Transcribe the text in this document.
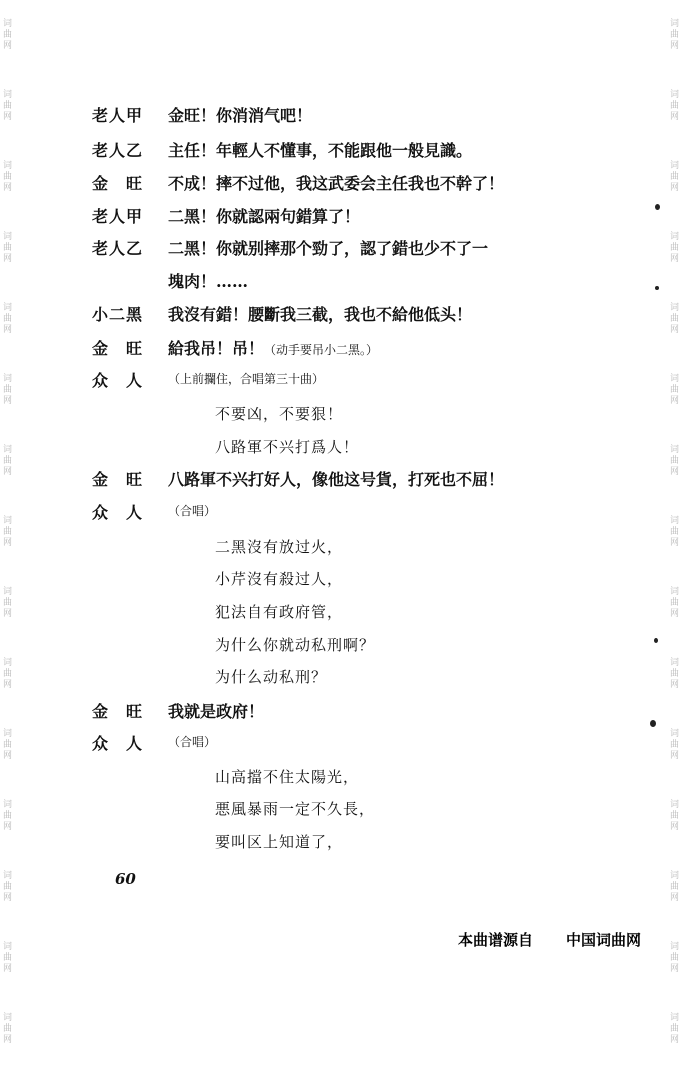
词曲网

词曲网

词曲网

词曲网

词曲网

词曲网

词曲网

词曲网

词曲网

词曲网

词曲网

词曲网

词曲网

词曲网

词曲网

词曲网

词曲网

词曲网

词曲网

词曲网

词曲网

词曲网

词曲网

词曲网

词曲网

词曲网

词曲网

词曲网

词曲网

词曲网

老人甲	金旺！你消消气吧！
老人乙	主任！年輕人不懂事，不能跟他一般見識。
金　旺	不成！摔不过他，我这武委会主任我也不幹了！
老人甲	二黑！你就認兩句錯算了！
老人乙	二黑！你就别摔那个勁了，認了錯也少不了一
塊肉！……
小二黑	我沒有錯！腰斷我三截，我也不給他低头！
金　旺	給我吊！吊！（动手要吊小二黑。）
众　人	（上前攔住，合唱第三十曲）
不要凶，不要狠！
八路軍不兴打爲人！
金　旺	八路軍不兴打好人，像他这号貨，打死也不屈！
众　人	（合唱）
二黑沒有放过火，
小芹沒有殺过人，
犯法自有政府管，
为什么你就动私刑啊？
为什么动私刑？
金　旺	我就是政府！
众　人	（合唱）
山高擋不住太陽光，
悪風暴雨一定不久長，
要叫区上知道了，
60
本曲谱源自 中国词曲网
